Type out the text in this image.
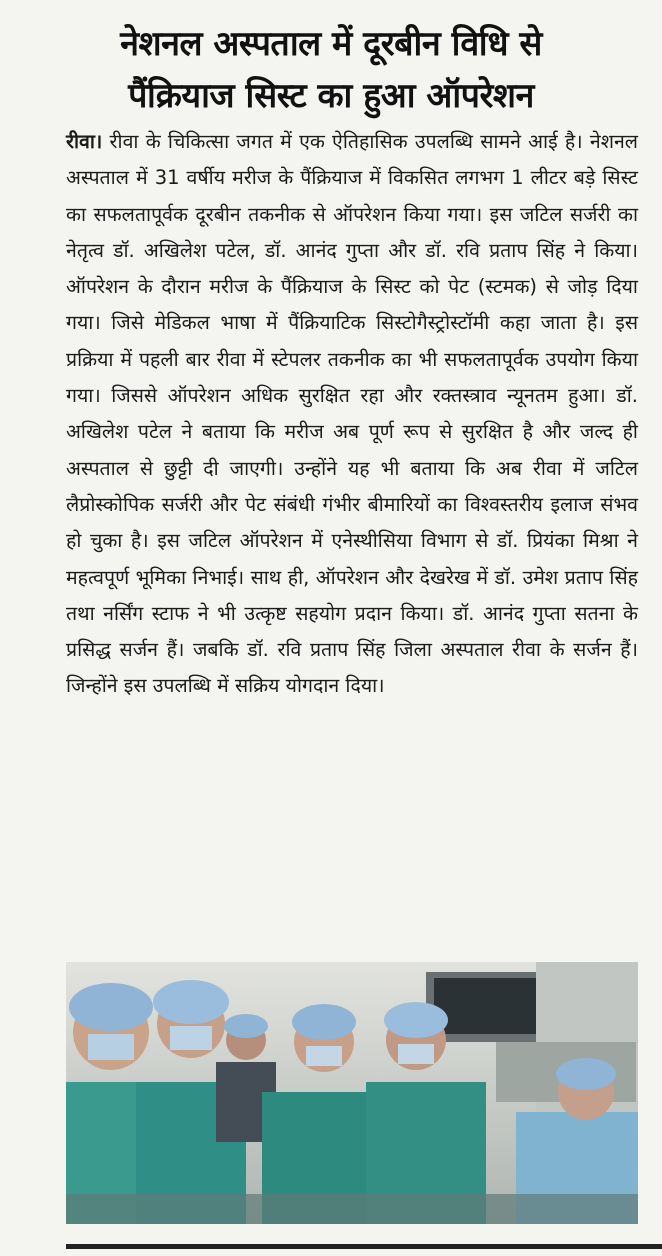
नेशनल अस्पताल में दूरबीन विधि से
पैंक्रियाज सिस्ट का हुआ ऑपरेशन
रीवा। रीवा के चिकित्सा जगत में एक ऐतिहासिक उपलब्धि सामने आई है। नेशनल अस्पताल में 31 वर्षीय मरीज के पैंक्रियाज में विकसित लगभग 1 लीटर बड़े सिस्ट का सफलतापूर्वक दूरबीन तकनीक से ऑपरेशन किया गया। इस जटिल सर्जरी का नेतृत्व डॉ. अखिलेश पटेल, डॉ. आनंद गुप्ता और डॉ. रवि प्रताप सिंह ने किया। ऑपरेशन के दौरान मरीज के पैंक्रियाज के सिस्ट को पेट (स्टमक) से जोड़ दिया गया। जिसे मेडिकल भाषा में पैंक्रियाटिक सिस्टोगैस्ट्रोस्टॉमी कहा जाता है। इस प्रक्रिया में पहली बार रीवा में स्टेपलर तकनीक का भी सफलतापूर्वक उपयोग किया गया। जिससे ऑपरेशन अधिक सुरक्षित रहा और रक्तस्त्राव न्यूनतम हुआ। डॉ. अखिलेश पटेल ने बताया कि मरीज अब पूर्ण रूप से सुरक्षित है और जल्द ही अस्पताल से छुट्टी दी जाएगी। उन्होंने यह भी बताया कि अब रीवा में जटिल लैप्रोस्कोपिक सर्जरी और पेट संबंधी गंभीर बीमारियों का विश्वस्तरीय इलाज संभव हो चुका है। इस जटिल ऑपरेशन में एनेस्थीसिया विभाग से डॉ. प्रियंका मिश्रा ने महत्वपूर्ण भूमिका निभाई। साथ ही, ऑपरेशन और देखरेख में डॉ. उमेश प्रताप सिंह तथा नर्सिंग स्टाफ ने भी उत्कृष्ट सहयोग प्रदान किया। डॉ. आनंद गुप्ता सतना के प्रसिद्ध सर्जन हैं। जबकि डॉ. रवि प्रताप सिंह जिला अस्पताल रीवा के सर्जन हैं। जिन्होंने इस उपलब्धि में सक्रिय योगदान दिया।
